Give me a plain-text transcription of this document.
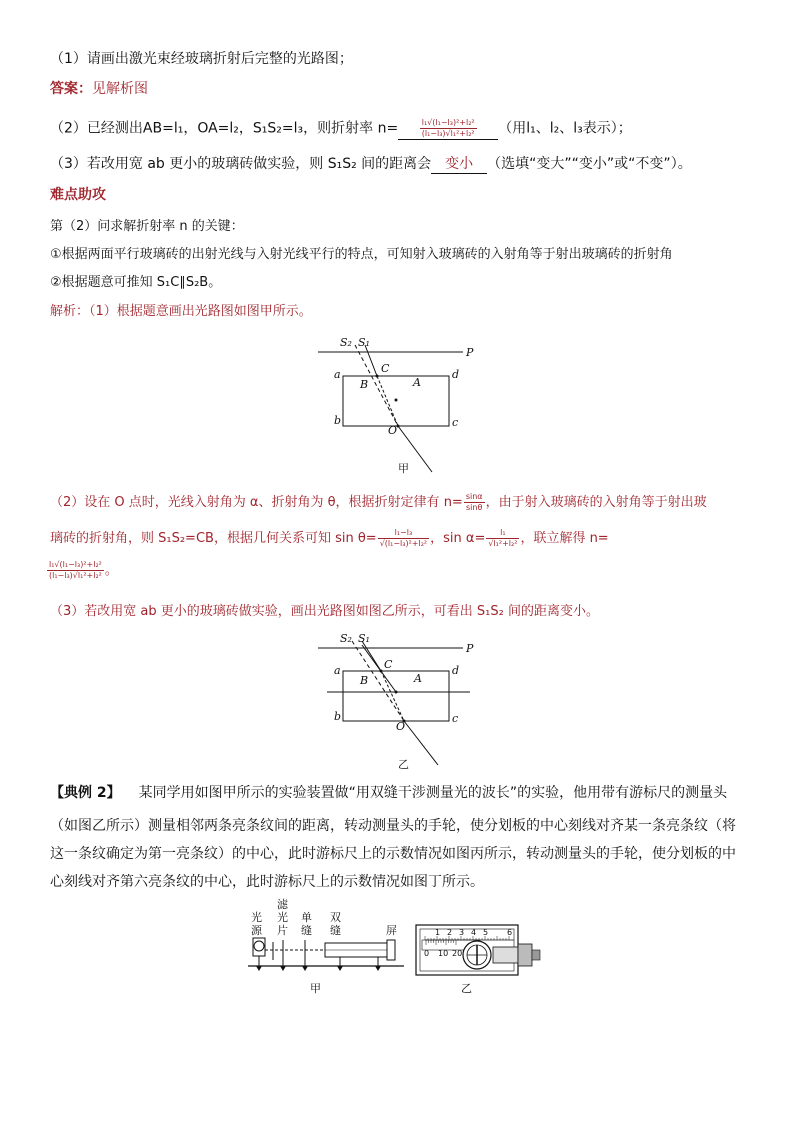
（1）请画出激光束经玻璃折射后完整的光路图；
答案：见解析图
（2）已经测出AB=l₁，OA=l₂，S₁S₂=l₃，则折射率 n=	$\frac{\text{l₁√(l₁−l₃)²+l₂²}}{\text{(l₁−l₃)√l₁²+l₂²}}$ （用l₁、l₂、l₃表示）；
（3）若改用宽 ab 更小的玻璃砖做实验，则 S₁S₂ 间的距离会 变小 （选填“变大”“变小”或“不变”）。
难点助攻
第（2）问求解折射率 n 的关键：
①根据两面平行玻璃砖的出射光线与入射光线平行的特点，可知射入玻璃砖的入射角等于射出玻璃砖的折射角
②根据题意可推知 S₁C∥S₂B。
解析：（1）根据题意画出光路图如图甲所示。
S₂ S₁
P
C
a
B	A
d
b
O
c
甲
（2）设在 O 点时，光线入射角为 α、折射角为 θ，根据折射定律有 $n= \frac{\sin\alpha}{\sin\theta}$ ，由于射入玻璃砖的入射角等于射出玻
璃砖的折射角，则 S₁S₂=CB，根据几何关系可知 $\sin \theta= \frac{\text{l₁−l₃}}{\text{√(l₁−l₃)²+l₂²}}$ ，$\sin \alpha= \frac{\text{l₁}}{\text{√l₁²+l₂²}}$ ，联立解得 n=
$\frac{\text{l₁√(l₁−l₃)²+l₂²}}{\text{(l₁−l₃)√l₁²+l₂²}}$ 。
（3）若改用宽 ab 更小的玻璃砖做实验，画出光路图如图乙所示，可看出 S₁S₂ 间的距离变小。
S₂ S₁
P
C
a
B	A
d
b
O
c
乙
【典例 2】 某同学用如图甲所示的实验装置做“用双缝干涉测量光的波长”的实验，他用带有游标尺的测量头
（如图乙所示）测量相邻两条亮条纹间的距离，转动测量头的手轮，使分划板的中心刻线对齐某一条亮条纹（将
这一条纹确定为第一亮条纹）的中心，此时游标尺上的示数情况如图丙所示，转动测量头的手轮，使分划板的中
心刻线对齐第六亮条纹的中心，此时游标尺上的示数情况如图丁所示。
光
源
滤
光
片
单
缝
双
缝	屏
甲
1 2 3 4 5 6
0 10 20
乙
